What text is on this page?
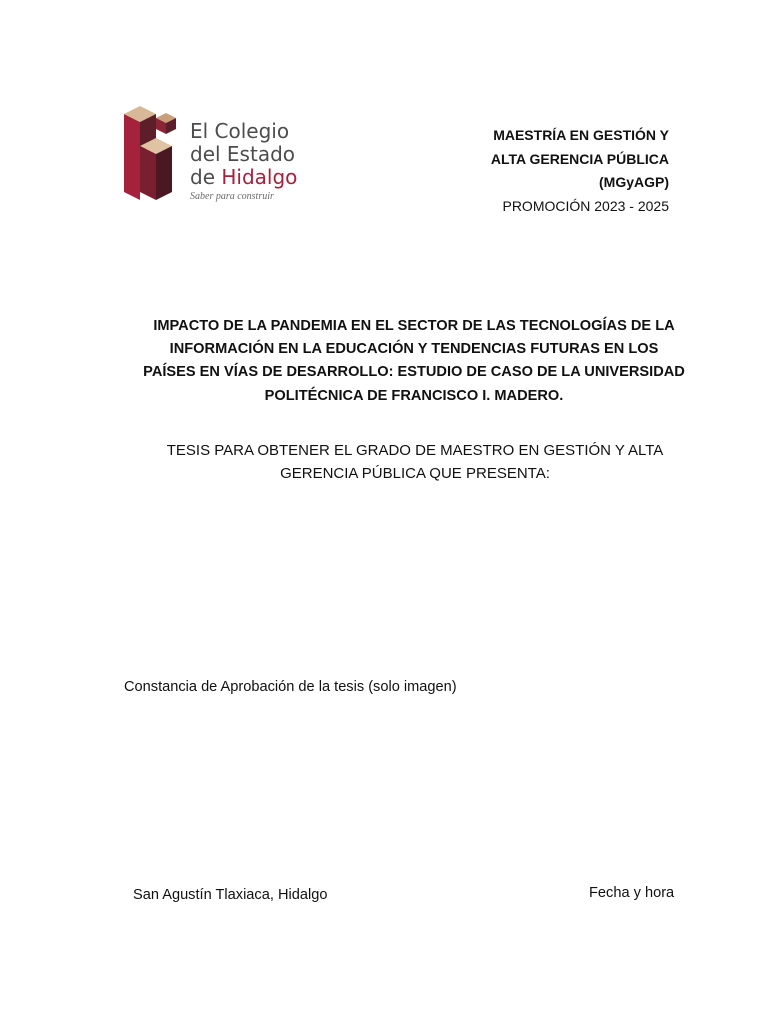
El Colegio
del Estado
de Hidalgo
Saber para construir
MAESTRÍA EN GESTIÓN Y
ALTA GERENCIA PÚBLICA
(MGyAGP)
PROMOCIÓN 2023 - 2025
IMPACTO DE LA PANDEMIA EN EL SECTOR DE LAS TECNOLOGÍAS DE LA
INFORMACIÓN EN LA EDUCACIÓN Y TENDENCIAS FUTURAS EN LOS
PAÍSES EN VÍAS DE DESARROLLO: ESTUDIO DE CASO DE LA UNIVERSIDAD
POLITÉCNICA DE FRANCISCO I. MADERO.
TESIS PARA OBTENER EL GRADO DE MAESTRO EN GESTIÓN Y ALTA
GERENCIA PÚBLICA QUE PRESENTA:
Constancia de Aprobación de la tesis (solo imagen)
San Agustín Tlaxiaca, Hidalgo	Fecha y hora
